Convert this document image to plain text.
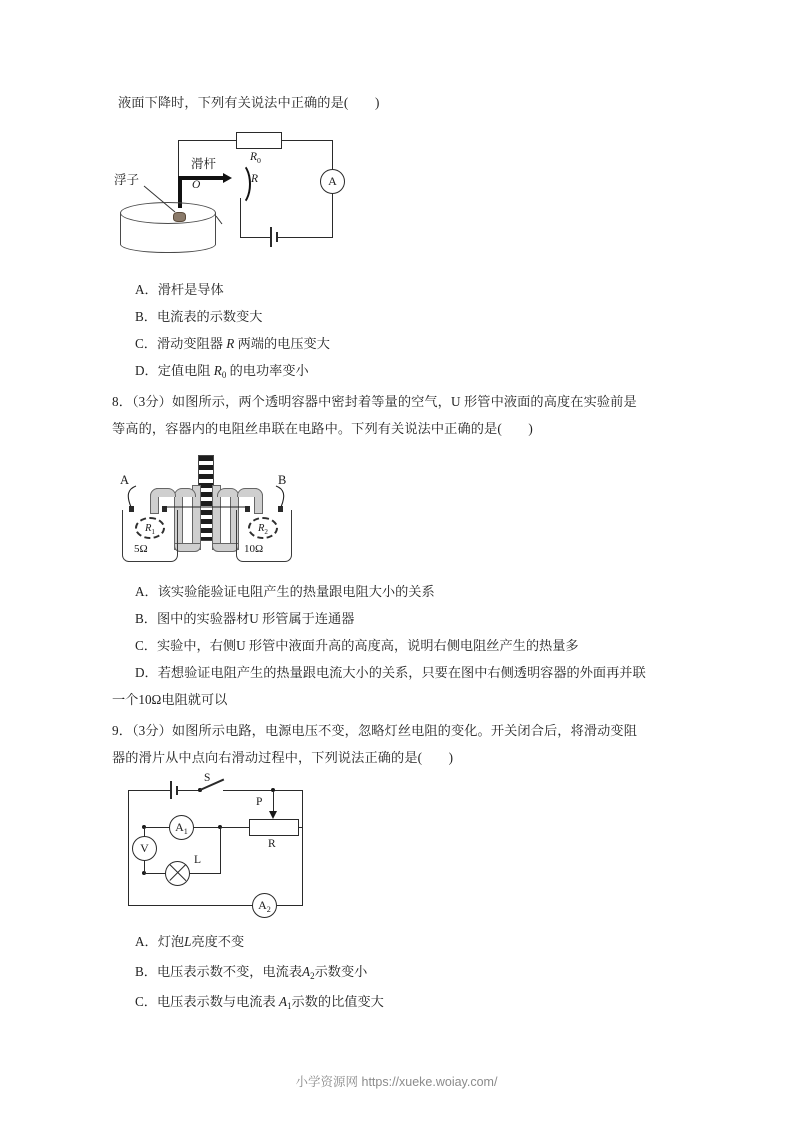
液面下降时，下列有关说法中正确的是(　　)
$R_0$
A
R
滑杆
O
浮子
8．（3分）如图所示，两个透明容器中密封着等量的空气，U 形管中液面的高度在实验前是
等高的，容器内的电阻丝串联在电路中。下列有关说法中正确的是(　　)
$R_1$
5Ω
$R_2$
10Ω
A	B
A．该实验能验证电阻产生的热量跟电阻大小的关系
B．图中的实验器材U 形管属于连通器
C．实验中，右侧U 形管中液面升高的高度高，说明右侧电阻丝产生的热量多
D．若想验证电阻产生的热量跟电流大小的关系，只要在图中右侧透明容器的外面再并联
一个10Ω电阻就可以
9．（3分）如图所示电路，电源电压不变，忽略灯丝电阻的变化。开关闭合后，将滑动变阻
器的滑片从中点向右滑动过程中，下列说法正确的是(　　)
S
V
$A_1$
L
R
P
$A_2$
A．灯泡L亮度不变
B．电压表示数不变，电流表$A_2$示数变小
C．电压表示数与电流表 $A_1$示数的比值变大
A．滑杆是导体
B．电流表的示数变大
C．滑动变阻器 R 两端的电压变大
D．定值电阻 $R_0$ 的电功率变小
小学资源网 https://xueke.woiay.com/
